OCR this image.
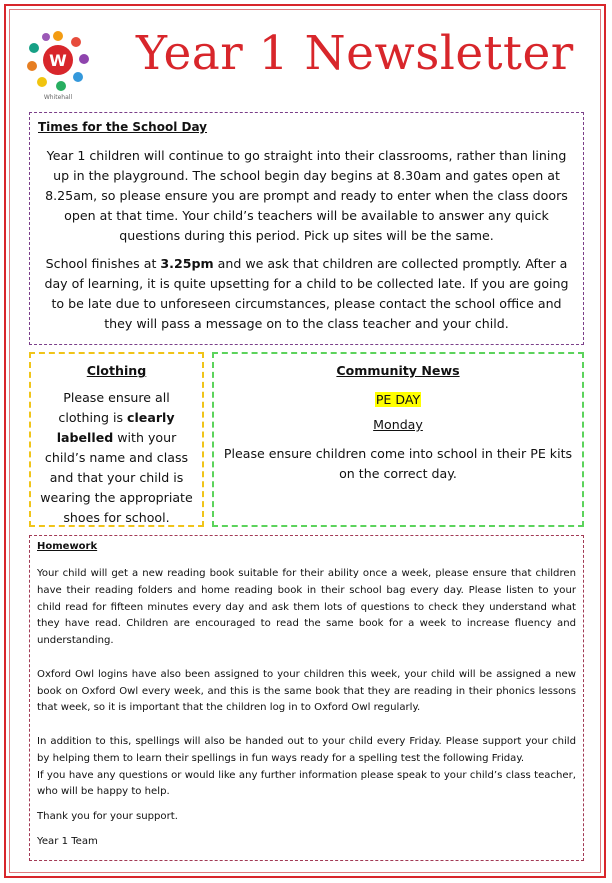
W
Whitehall
Year 1 Newsletter
Times for the School Day

Year 1 children will continue to go straight into their classrooms, rather than lining up in the playground. The school begin day begins at 8.30am and gates open at 8.25am, so please ensure you are prompt and ready to enter when the class doors open at that time. Your child’s teachers will be available to answer any quick questions during this period. Pick up sites will be the same.

School finishes at 3.25pm and we ask that children are collected promptly. After a day of learning, it is quite upsetting for a child to be collected late. If you are going to be late due to unforeseen circumstances, please contact the school office and they will pass a message on to the class teacher and your child.

Clothing
Please ensure all clothing is clearly labelled with your child’s name and class and that your child is wearing the appropriate shoes for school.
Community News
PE DAY
Monday
Please ensure children come into school in their PE kits on the correct day.
Homework

Your child will get a new reading book suitable for their ability once a week, please ensure that children have their reading folders and home reading book in their school bag every day. Please listen to your child read for fifteen minutes every day and ask them lots of questions to check they understand what they have read. Children are encouraged to read the same book for a week to increase fluency and understanding.

Oxford Owl logins have also been assigned to your children this week, your child will be assigned a new book on Oxford Owl every week, and this is the same book that they are reading in their phonics lessons that week, so it is important that the children log in to Oxford Owl regularly.

In addition to this, spellings will also be handed out to your child every Friday. Please support your child by helping them to learn their spellings in fun ways ready for a spelling test the following Friday.

If you have any questions or would like any further information please speak to your child’s class teacher, who will be happy to help.

Thank you for your support.

Year 1 Team
